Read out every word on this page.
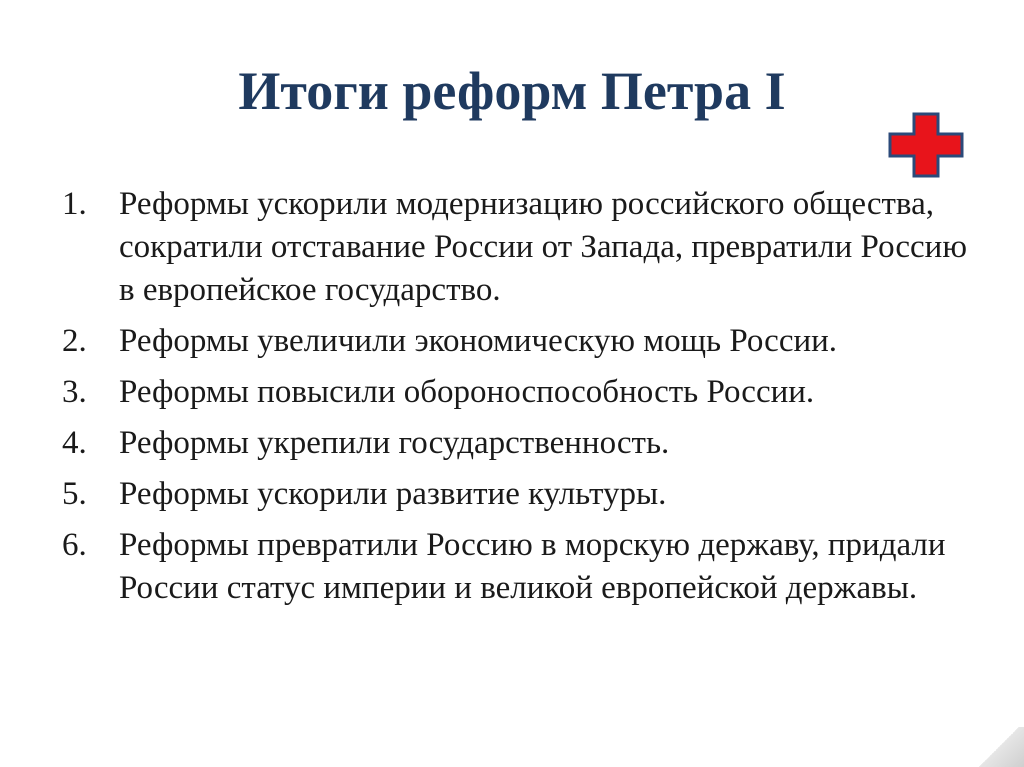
Итоги реформ Петра I
1. Реформы ускорили модернизацию российского общества, сократили отставание России от Запада, превратили Россию в европейское государство.
2. Реформы увеличили экономическую мощь России.
3. Реформы повысили обороноспособность России.
4. Реформы укрепили государственность.
5. Реформы ускорили развитие культуры.
6. Реформы превратили Россию в морскую державу, придали России статус империи и великой европейской державы.
